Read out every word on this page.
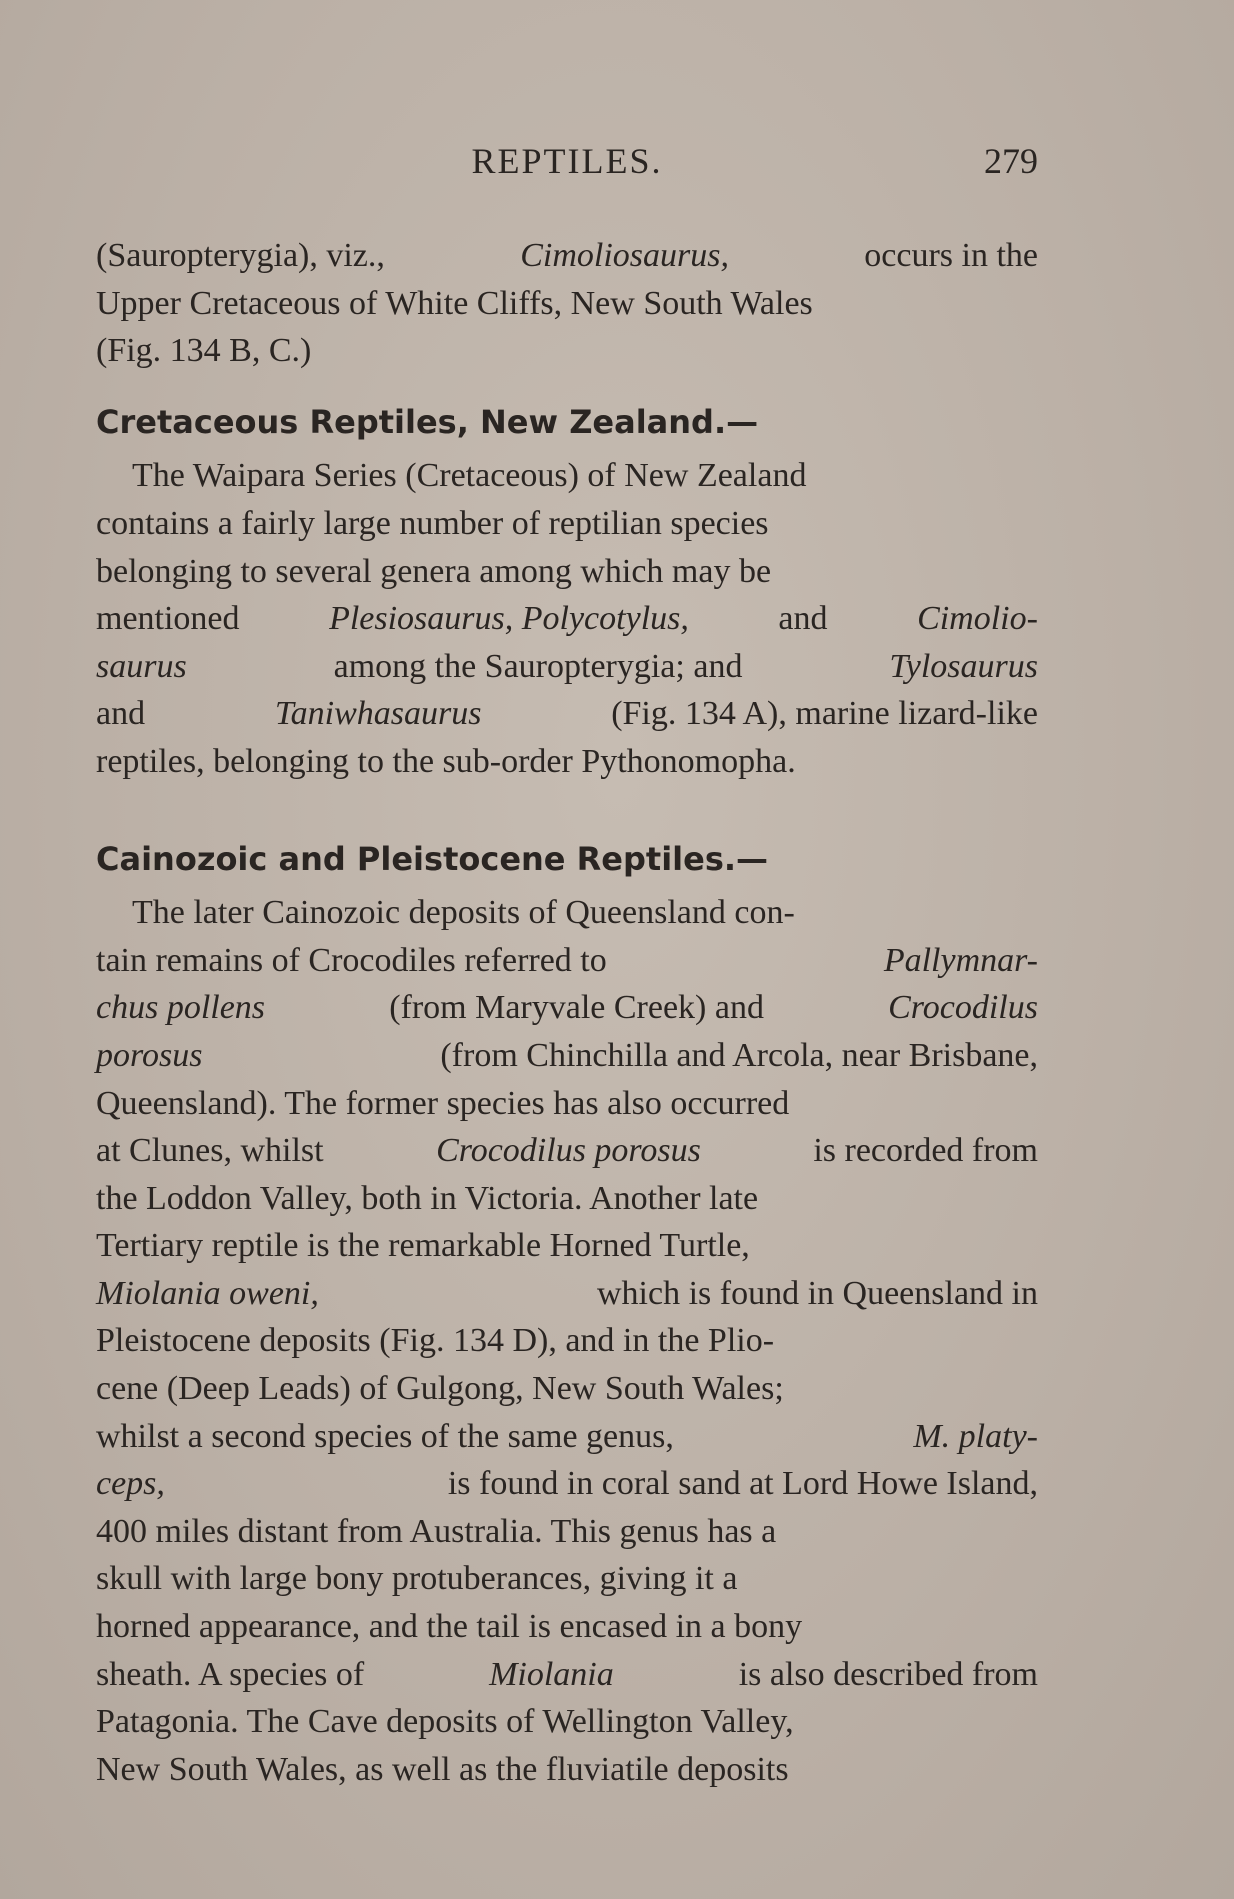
REPTILES.	279
(Sauropterygia), viz.,	Cimoliosaurus,	occurs in the
Upper Cretaceous of White Cliffs, New South Wales
(Fig. 134 B, C.)
Cretaceous Reptiles, New Zealand.—
The Waipara Series (Cretaceous) of New Zealand
contains a fairly large number of reptilian species
belonging to several genera among which may be
mentioned	Plesiosaurus, Polycotylus,	and	Cimolio-
saurus	among the Sauropterygia; and	Tylosaurus
and	Taniwhasaurus	(Fig. 134 A), marine lizard-like
reptiles, belonging to the sub-order Pythonomopha.
Cainozoic and Pleistocene Reptiles.—
The later Cainozoic deposits of Queensland con-
tain remains of Crocodiles referred to	Pallymnar-
chus pollens	(from Maryvale Creek) and	Crocodilus
porosus	(from Chinchilla and Arcola, near Brisbane,
Queensland). The former species has also occurred
at Clunes, whilst	Crocodilus porosus	is recorded from
the Loddon Valley, both in Victoria. Another late
Tertiary reptile is the remarkable Horned Turtle,
Miolania oweni,	which is found in Queensland in
Pleistocene deposits (Fig. 134 D), and in the Plio-
cene (Deep Leads) of Gulgong, New South Wales;
whilst a second species of the same genus,	M. platy-
ceps,	is found in coral sand at Lord Howe Island,
400 miles distant from Australia. This genus has a
skull with large bony protuberances, giving it a
horned appearance, and the tail is encased in a bony
sheath. A species of	Miolania	is also described from
Patagonia. The Cave deposits of Wellington Valley,
New South Wales, as well as the fluviatile deposits
